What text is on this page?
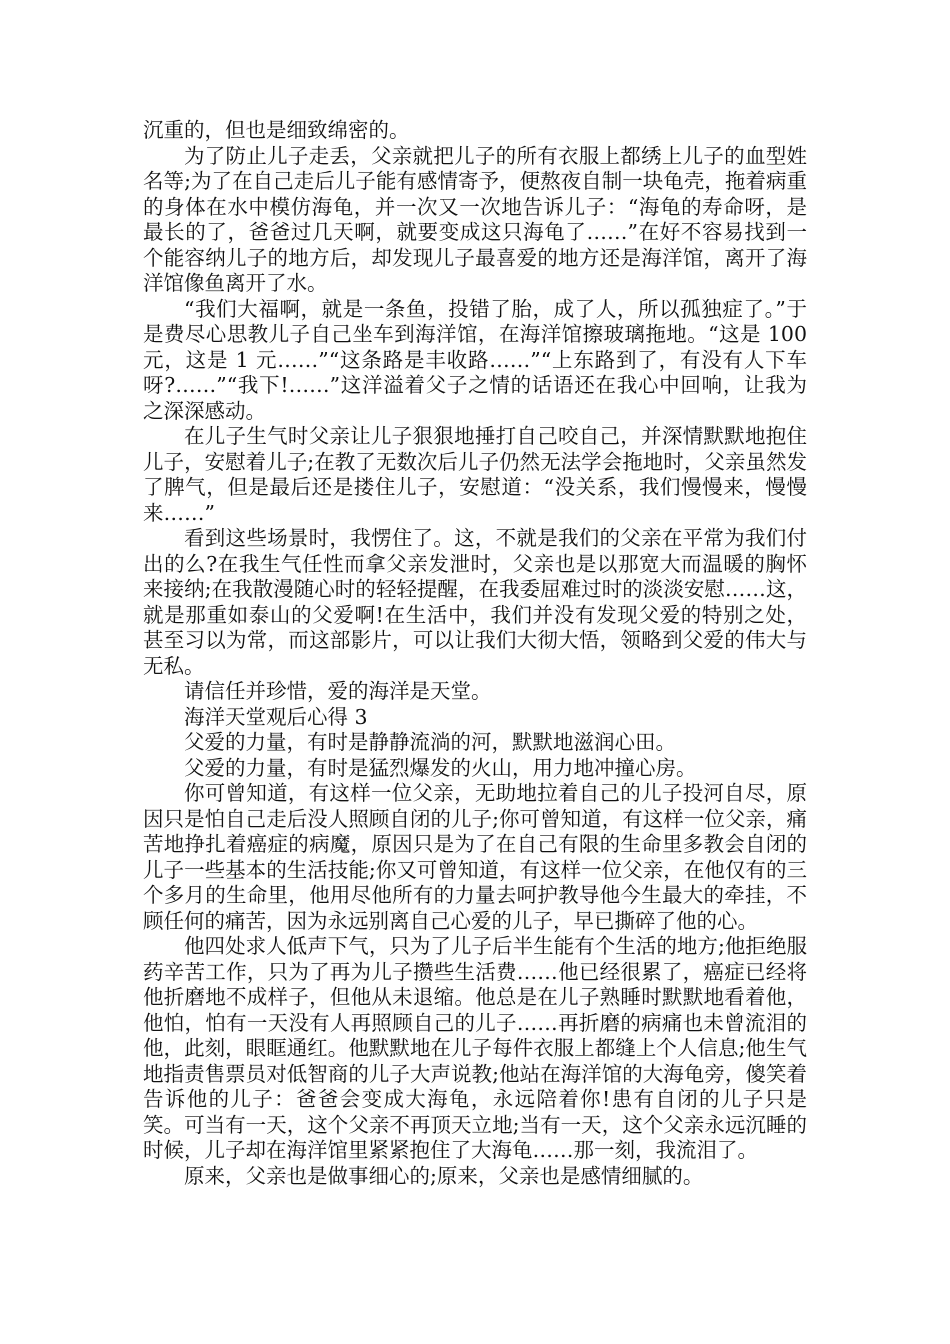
沉重的，但也是细致绵密的。

为了防止儿子走丢，父亲就把儿子的所有衣服上都绣上儿子的血型姓名等;为了在自己走后儿子能有感情寄予，便熬夜自制一块龟壳，拖着病重的身体在水中模仿海龟，并一次又一次地告诉儿子：“海龟的寿命呀，是最长的了，爸爸过几天啊，就要变成这只海龟了……”在好不容易找到一个能容纳儿子的地方后，却发现儿子最喜爱的地方还是海洋馆，离开了海洋馆像鱼离开了水。

“我们大福啊，就是一条鱼，投错了胎，成了人，所以孤独症了。”于是费尽心思教儿子自己坐车到海洋馆，在海洋馆擦玻璃拖地。“这是 100 元，这是 1 元……”“这条路是丰收路……”“上东路到了，有没有人下车呀?……”“我下!……”这洋溢着父子之情的话语还在我心中回响，让我为之深深感动。

在儿子生气时父亲让儿子狠狠地捶打自己咬自己，并深情默默地抱住儿子，安慰着儿子;在教了无数次后儿子仍然无法学会拖地时，父亲虽然发了脾气，但是最后还是搂住儿子，安慰道：“没关系，我们慢慢来，慢慢来……”

看到这些场景时，我愣住了。这，不就是我们的父亲在平常为我们付出的么?在我生气任性而拿父亲发泄时，父亲也是以那宽大而温暖的胸怀来接纳;在我散漫随心时的轻轻提醒，在我委屈难过时的淡淡安慰……这，就是那重如泰山的父爱啊!在生活中，我们并没有发现父爱的特别之处，甚至习以为常，而这部影片，可以让我们大彻大悟，领略到父爱的伟大与无私。

请信任并珍惜，爱的海洋是天堂。

海洋天堂观后心得 3

父爱的力量，有时是静静流淌的河，默默地滋润心田。

父爱的力量，有时是猛烈爆发的火山，用力地冲撞心房。

你可曾知道，有这样一位父亲，无助地拉着自己的儿子投河自尽，原因只是怕自己走后没人照顾自闭的儿子;你可曾知道，有这样一位父亲，痛苦地挣扎着癌症的病魔，原因只是为了在自己有限的生命里多教会自闭的儿子一些基本的生活技能;你又可曾知道，有这样一位父亲，在他仅有的三个多月的生命里，他用尽他所有的力量去呵护教导他今生最大的牵挂，不顾任何的痛苦，因为永远别离自己心爱的儿子，早已撕碎了他的心。

他四处求人低声下气，只为了儿子后半生能有个生活的地方;他拒绝服药辛苦工作，只为了再为儿子攒些生活费……他已经很累了，癌症已经将他折磨地不成样子，但他从未退缩。他总是在儿子熟睡时默默地看着他，他怕，怕有一天没有人再照顾自己的儿子……再折磨的病痛也未曾流泪的他，此刻，眼眶通红。他默默地在儿子每件衣服上都缝上个人信息;他生气地指责售票员对低智商的儿子大声说教;他站在海洋馆的大海龟旁，傻笑着告诉他的儿子：爸爸会变成大海龟，永远陪着你!患有自闭的儿子只是笑。可当有一天，这个父亲不再顶天立地;当有一天，这个父亲永远沉睡的时候，儿子却在海洋馆里紧紧抱住了大海龟……那一刻，我流泪了。

原来，父亲也是做事细心的;原来，父亲也是感情细腻的。
